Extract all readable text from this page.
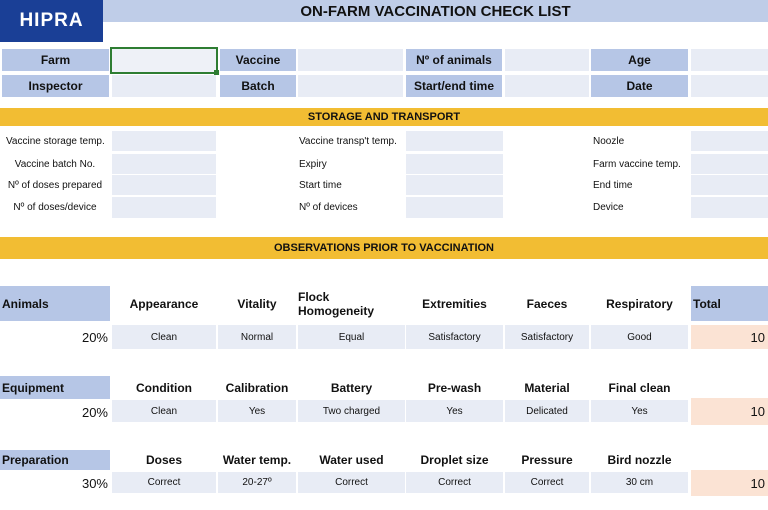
HIPRA	ON-FARM VACCINATION CHECK LIST
Farm	Vaccine	Nº of animals	Age
Inspector	Batch	Start/end time	Date
STORAGE AND TRANSPORT
Vaccine storage temp.	Vaccine transp't temp.	Noozle
Vaccine batch No.	Expiry	Farm vaccine temp.
Nº of doses prepared	Start time	End time
Nº of doses/device	Nº of devices	Device
OBSERVATIONS PRIOR TO VACCINATION
Animals	Appearance	Vitality	Flock Homogeneity	Extremities	Faeces	Respiratory	Total
20%	Clean	Normal	Equal	Satisfactory	Satisfactory	Good	10
Equipment	Condition	Calibration	Battery	Pre-wash	Material	Final clean
20%	Clean	Yes	Two charged	Yes	Delicated	Yes	10
Preparation	Doses	Water temp.	Water used	Droplet size	Pressure	Bird nozzle
30%	Correct	20-27º	Correct	Correct	Correct	30 cm	10
